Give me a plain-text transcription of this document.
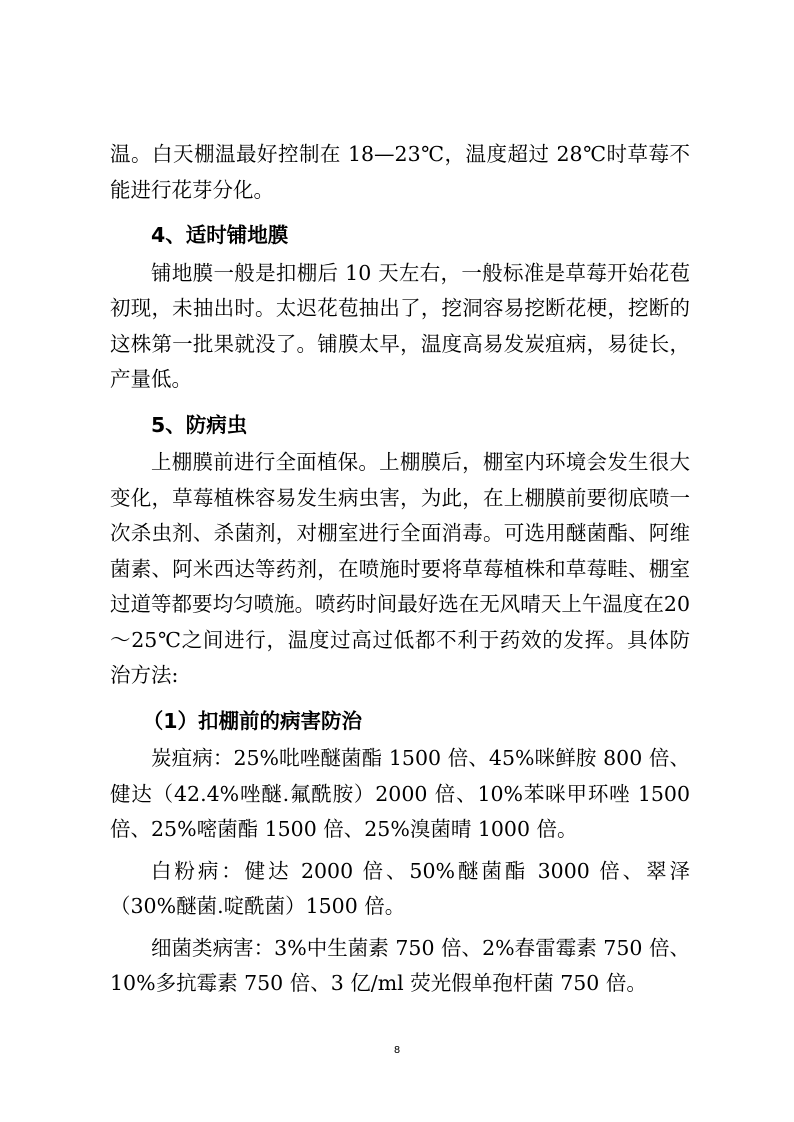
温。白天棚温最好控制在 18—23℃，温度超过 28℃时草莓不能进行花芽分化。

4、适时铺地膜

铺地膜一般是扣棚后 10 天左右，一般标准是草莓开始花苞初现，未抽出时。太迟花苞抽出了，挖洞容易挖断花梗，挖断的这株第一批果就没了。铺膜太早，温度高易发炭疽病，易徒长，产量低。

5、防病虫

上棚膜前进行全面植保。上棚膜后，棚室内环境会发生很大变化，草莓植株容易发生病虫害，为此，在上棚膜前要彻底喷一次杀虫剂、杀菌剂，对棚室进行全面消毒。可选用醚菌酯、阿维菌素、阿米西达等药剂，在喷施时要将草莓植株和草莓畦、棚室过道等都要均匀喷施。喷药时间最好选在无风晴天上午温度在20～25℃之间进行，温度过高过低都不利于药效的发挥。具体防治方法:

（1）扣棚前的病害防治

炭疽病：25%吡唑醚菌酯 1500 倍、45%咪鲜胺 800 倍、健达（42.4%唑醚.氟酰胺）2000 倍、10%苯咪甲环唑 1500 倍、25%嘧菌酯 1500 倍、25%溴菌晴 1000 倍。

白粉病：健达 2000 倍、50%醚菌酯 3000 倍、翠泽（30%醚菌.啶酰菌）1500 倍。

细菌类病害：3%中生菌素 750 倍、2%春雷霉素 750 倍、10%多抗霉素 750 倍、3 亿/ml 荧光假单孢杆菌 750 倍。

8
